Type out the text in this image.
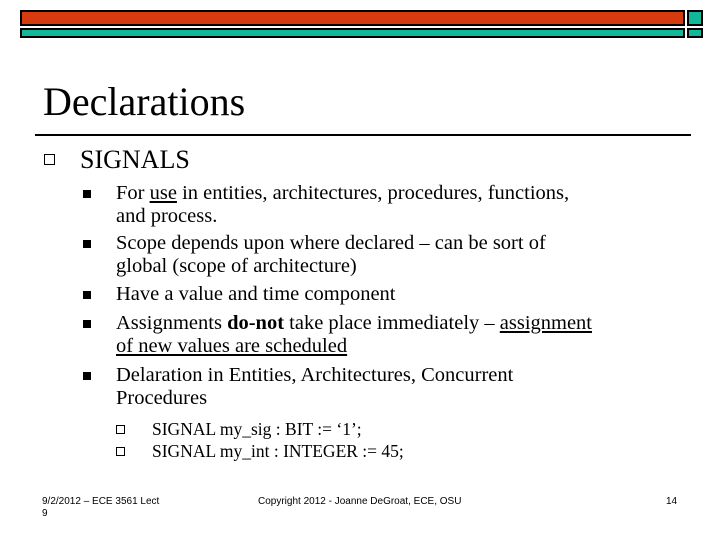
Declarations
SIGNALS
For use in entities, architectures, procedures, functions,
and process.
Scope depends upon where declared – can be sort of
global (scope of architecture)
Have a value and time component
Assignments do-not take place immediately – assignment
of new values are scheduled
Delaration in Entities, Architectures, Concurrent
Procedures
SIGNAL my_sig : BIT := ‘1’;
SIGNAL my_int : INTEGER := 45;
9/2/2012 – ECE 3561 Lect
9
Copyright 2012 - Joanne DeGroat, ECE, OSU	14
